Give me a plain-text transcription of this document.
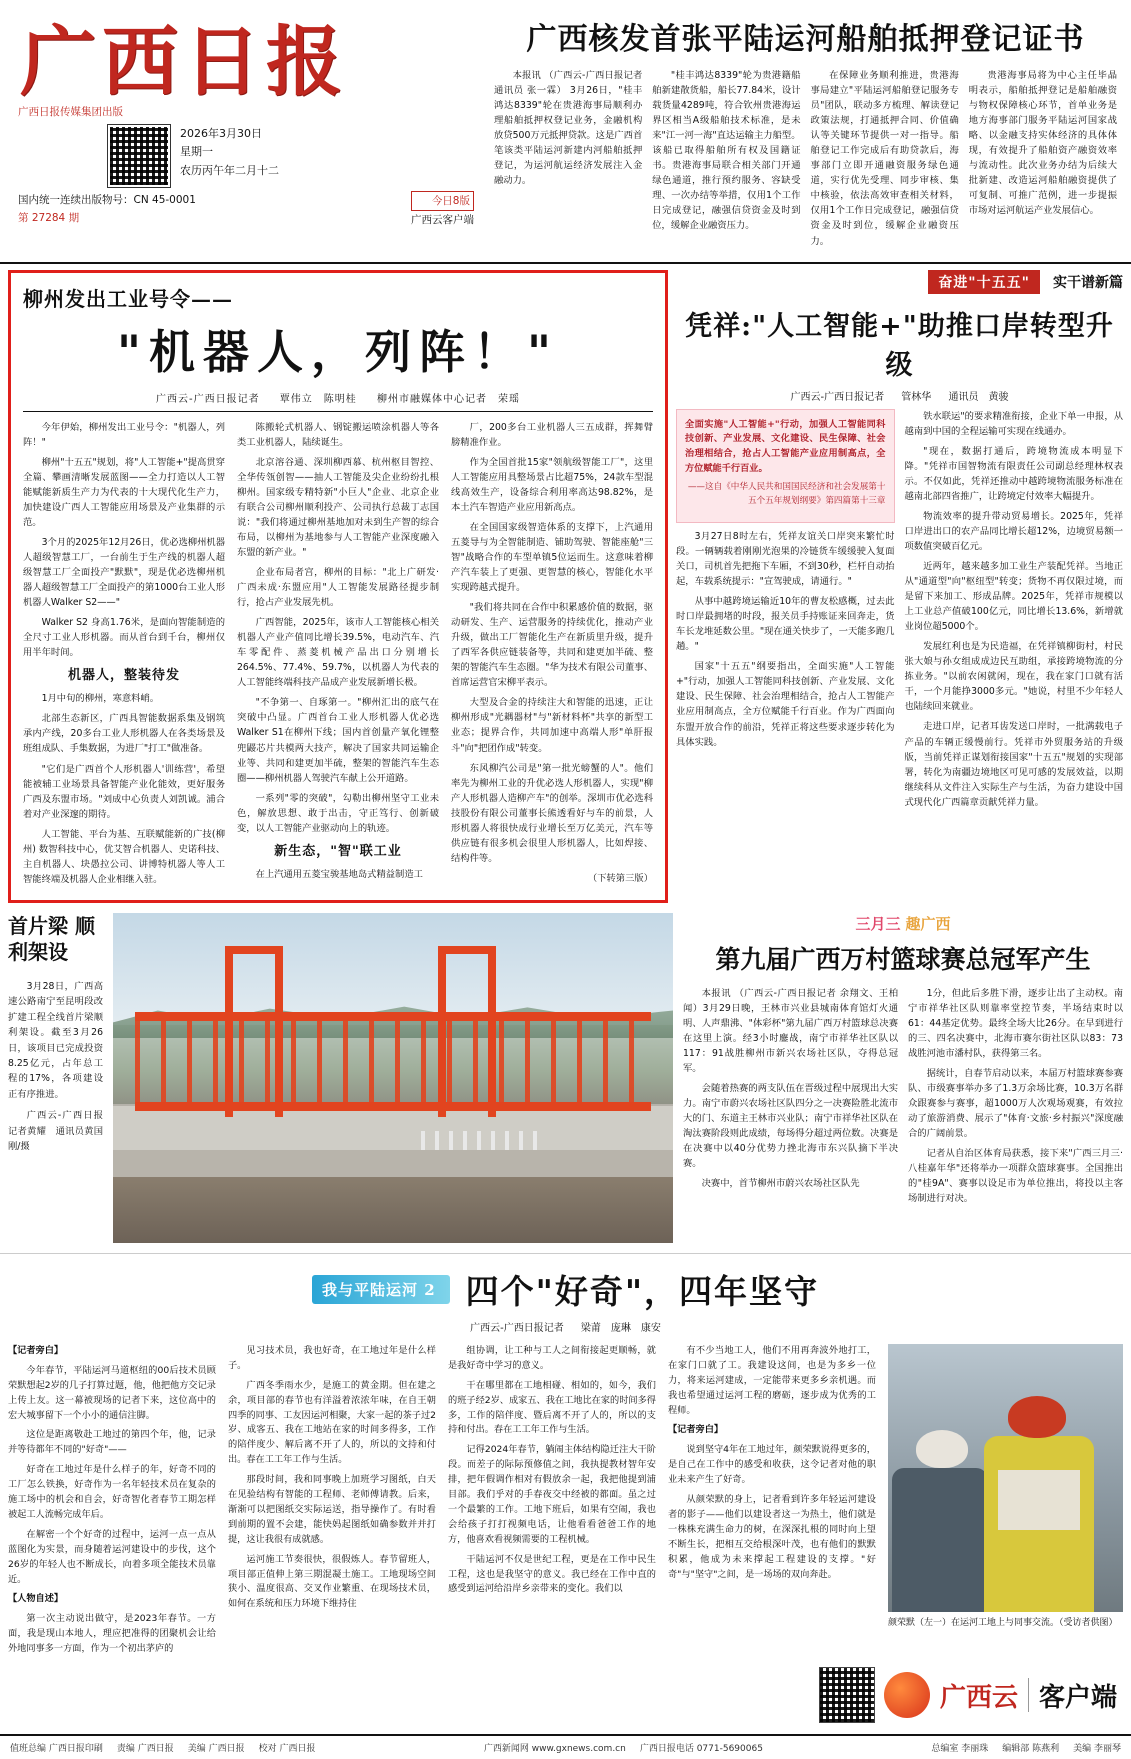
广西日报
广西日报传媒集团出版
2026年3月30日
星期一
农历丙午年二月十二
国内统一连续出版物号：CN 45-0001
第 27284 期
今日8版
广西云客户端
广西核发首张平陆运河船舶抵押登记证书

本报讯 （广西云-广西日报记者 通讯员 张一霖） 3月26日，"桂丰鸿达8339"轮在贵港海事局顺利办理船舶抵押权登记业务，金融机构放贷500万元抵押贷款。这是广西首笔该类平陆运河新建内河船舶抵押登记，为运河航运经济发展注入金融动力。

"桂丰鸿达8339"轮为贵港籍船舶新建散货船，船长77.84米，设计载货量4289吨，符合钦州贵港海运界区相当A级船舶技术标准，是未来"江一河一海"直达运输主力船型。该船已取得船舶所有权及国籍证书。贵港海事局联合相关部门开通绿色通道，推行预约服务、容缺受理、一次办结等举措，仅用1个工作日完成登记，融强信贷资金及时到位，缓解企业融资压力。

在保障业务顺利推进，贵港海事局建立"平陆运河船舶登记服务专员"团队，联动多方梳理、解读登记政策法规，打通抵押合同、价值确认等关键环节提供一对一指导。船舶登记工作完成后有助贷款后，海事部门立即开通融资服务绿色通道，实行优先受理、同步审核、集中核验，依法高效审查相关材料，仅用1个工作日完成登记，融强信贷资金及时到位，缓解企业融资压力。

贵港海事局将为中心主任毕晶明表示，船舶抵押登记是船舶融资与物权保障核心环节，首单业务是地方海事部门服务平陆运河国家战略、以金融支持实体经济的具体体现，有效提升了船舶资产融资效率与流动性。此次业务办结为后续大批新建、改造运河船舶融资提供了可复制、可推广范例，进一步提振市场对运河航运产业发展信心。

柳州发出工业号令——
"机器人，列阵！"
广西云-广西日报记者 覃伟立　陈明桂 柳州市融媒体中心记者　荣瑶

今年伊始，柳州发出工业号令："机器人，列阵！"

柳州"十五五"规划，将"人工智能+"提高贯穿全篇、攀画清晰发展蓝图——全力打造以人工智能赋能新质生产力为代表的十大现代化生产力，加快建设广西人工智能应用场景及产业集群的示范。

3个月的2025年12月26日，优必选柳州机器人超级智慧工厂，一台前生于生产线的机器人超级智慧工厂全面投产"默默"，现是优必选柳州机器人超级智慧工厂全面投产的第1000台工业人形机器人Walker S2——"

Walker S2 身高1.76米，是面向智能制造的全尺寸工业人形机器。而从首台到千台，柳州仅用半年时间。

机器人，整装待发

1月中旬的柳州，寒意料峭。

北部生态新区，广西具智能数据系集及钢筑承内产线，20多台工业人形机器人在各类场景及班组成队、手集数据，为进厂"打工"做准备。

"它们是广西首个人形机器人'训练营'，希望能被辅工业场景具备智能产业化能效，更好服务广西及东盟市场。"刘成中心负责人刘凯诚。浦合着对产业深邃的期待。

人工智能、平台为基、互联赋能新的广技(柳州) 数智科技中心，优艾智合机器人、史诺科技、主自机器人、块愚拉公司、讲博特机器人等人工智能终端及机器人企业相继入驻。

陈搬轮式机器人、钢锭搬运喷涂机器人等各类工业机器人，陆续诞生。

北京溶谷通、深圳柳西慕、杭州枢目智控、全华传瓴创智——抽人工智能及尖企业纷纷扎根柳州。国家级专精特新"小巨人"企业、北京企业有联合公司柳州顺利投产、公司执行总裁丁志国说："我们将通过柳州基地加对未到生产智的综合布局，以柳州为基地参与人工智能产业深度融入东盟的新产业。"

企业布局者宫，柳州的目标："北上广研发·广西未成·东盟应用"人工智能发展路径提步制行，抢占产业发展先机。

广西智能，2025年，该市人工智能核心相关机器人产业产值同比增长39.5%，电动汽车、汽车零配件、蒸菱机械产品出口分别增长264.5%、77.4%、59.7%，以机器人为代表的人工智能终端科技产品成产业发展新增长极。

"不争第一、自琢第一。"柳州汇出的底气在突破中凸显。广西首台工业人形机器人优必选Walker S1在柳州下线；国内首创量产氧化锂整兜鼹芯片共模两大技产，解决了国家共同运输企业等、共同和建更加半硫，整架的智能汽车生态圈——柳州机器人驾驶汽车献上公开道路。

一系列"零的突破"，勾勒出柳州坚守工业未色，解放思想、敢于出击，守正笃行、创新破变，以人工智能产业驱动向上的轨迹。

新生态，"智"联工业

在上汽通用五菱宝骏基地岛式精益制造工

厂，200多台工业机器人三五成群，挥舞臂膀精准作业。

作为全国首批15家"领航级智能工厂"，这里人工智能应用具整场景占比超75%，24款车型混线高效生产，设备综合利用率高达98.82%，是本土汽车智造产业应用新高点。

在全国国家级智造体系的支撑下，上汽通用五菱导与为全智能制造、铺助驾驶、智能座舱"三智"战略合作的车型单镇5位运而生。这意味着柳产汽车装上了更强、更智慧的核心，智能化水平实现跨越式提升。

"我们将共同在合作中积累感价值的数据，驱动研发、生产、运营服务的持续优化，推动产业升级，做出工厂智能化生产在新质里升级，提升了西军各供应链装备等，共同和建更加半硫、整架的智能汽车生态圈。"华为技术有限公司董事、首席运营官宋柳平表示。

大型及合金的持续注大和智能的迅速，正让柳州形成"光耦器材"与"新材料杯"共享的新型工业态；提界合作，共同加速中高端人形"单肝报斗"向"把团作成"转变。

东风柳汽公司是"第一批光螃蟹的人"。他们率先为柳州工业的升优必选人形机器人，实现"柳产人形机器人造柳产车"的创举。深圳市优必选科技股份有限公司董事长熊透看好与车的前景，人形机器人将很快成行业增长至万亿美元，汽车等供应链有很多机会很里人形机器人，比如焊接、结构件等。

（下转第三版）

奋进"十五五" 实干谱新篇
凭祥:"人工智能+"助推口岸转型升级
广西云-广西日报记者 管林华 通讯员　黄骏

全面实施"人工智能+"行动，加强人工智能同科技创新、产业发展、文化建设、民生保障、社会治理相结合，抢占人工智能产业应用制高点，全方位赋能千行百业。

——这自《中华人民共和国国民经济和社会发展第十五个五年规划纲要》第四篇第十三章

3月27日8时左右，凭祥友谊关口岸突来繁忙时段。一辆辆载着刚刚光泡果的冷链货车缓缓驶入复面关口，司机首先把拖下车厢，不到30秒，栏杆自动抬起，车载系统提示："宣驾驶成，请通行。"

从事中越跨境运输近10年的曹友松感概，过去此时口岸最拥堵的时段，报关员手持账证来回奔走，货车长龙堆延数公里。"现在通关快步了，一天能多跑几趟。"

国家"十五五"纲要指出，全面实施"人工智能+"行动，加强人工智能同科技创新、产业发展、文化建设、民生保障、社会治理相结合，抢占人工智能产业应用制高点，全方位赋能千行百业。作为广西面向东盟开放合作的前沿，凭祥正将这些要求逐步转化为具体实践。

铁水联运"的要求精准衔接，企业下单一申报，从越南到中国的全程运输可实现在线通办。

"现在，数据打通后，跨境物流成本明显下降。"凭祥市国智物流有限责任公司副总经理林权表示。不仅如此，凭祥还推动中越跨境物流服务标准在越南北部四省推广，让跨境定付效率大幅提升。

物流效率的提升带动贸易增长。2025年，凭祥口岸进出口的农产品同比增长超12%，边境贸易额一项数值突破百亿元。

近两年，越来越多加工业生产装配凭祥。当地正从"通道型"向"枢纽型"转变；货物不再仅限过境，而是留下来加工、形成品牌。2025年，凭祥市规模以上工业总产值破100亿元，同比增长13.6%，新增就业岗位超5000个。

发展红利也是为民造福，在凭祥镇柳街村，村民张大娘与孙女组成成边民互助组，承接跨境物流的分拣业务。"以前农闲就闲，现在，我在家门口就有活干，一个月能挣3000多元。"她说，村里不少年轻人也陆续回来就业。

走进口岸，记者耳齿发送口岸时，一批满载电子产品的车辆正缓慢前行。凭祥市外贸服务站的升级版，当前凭祥正谋划衔接国家"十五五"规划的实现部署，转化为南疆边境地区可见可感的发展效益，以期继续科从文件注入实际生产与生活，为奋力建设中国式现代化广西篇章贡献凭祥力量。

首片梁 顺利架设

3月28日，广西高速公路南宁至昆明段改扩建工程全线首片梁顺利架设。截至3月26日，该项目已完成投资8.25亿元，占年总工程的17%，各项建设正有序推进。

广西云-广西日报记者黄耀　通讯员黄国刚/摄

三月三 趣广西
第九届广西万村篮球赛总冠军产生

本报讯 （广西云-广西日报记者 余翔文、王柏闻）3月29日晚，王林市兴业县城南体育馆灯火通明、人声鼎沸、"体彩杯"第九届广西万村篮球总决赛在这里上演。经3小时鏖战，南宁市祥华社区队以117：91战胜柳州市新兴农场社区队，夺得总冠军。

会随着热赛的两支队伍在晋级过程中展现出大实力。南宁市蔚兴农场社区队四分之一决赛险胜北流市大的门、东道主王林市兴业队；南宁市祥华社区队在淘汰赛阶段则此成绩，每场得分超过两位数。决赛是在决赛中以40分优势力挫北海市东兴队摘下半决赛。

决赛中，首节柳州市蔚兴农场社区队先

1分，但此后多胜下滑，逐步让出了主动权。南宁市祥华社区队则靠率堂控节奏，半场结束时以61：44基定优势。最终全场大比26分。在早到进行的三、四名决赛中，北海市赛尔街社区队以83：73战胜河池市潘村队，获得第三名。

据统计，自春节启动以来，本届万村篮球赛参赛队、市级赛事举办多了1.3万余场比赛，10.3万名群众跟赛参与赛事，超1000万人次观场观赛，有效拉动了旅游消费、展示了"体育·文旅·乡村振兴"深度融合的广阔前景。

记者从自治区体育局获悉，接下来"广西三月三·八桂嘉年华"还将举办一项群众篮球赛事。全国推出的"桂9A"、赛事以设足市为单位推出，将投以主客场制进行对决。

我与平陆运河 2 四个"好奇"，四年坚守
广西云-广西日报记者 梁莆　庞琳　康安

【记者旁白】

今年春节，平陆运河马道枢纽的00后技术员顾荣默想起2岁的几子打算过题，他，他把他方交记录上传上友。这一幕被现场的记者下来，这位高中的宏大城事留下一个小小的通信注脚。

这位是距离敬赴工地过的第四个年，他，记录并等待都年不同的"好奇"——

好奇在工地过年是什么样子的年，好奇不同的工厂怎么铁换，好奇作为一名年轻技术员在复杂的施工场中的机会和自会，好奇智化者春节工期怎样被起工人流畅完成年后。

在解密一个个好奇的过程中，运河一点一点从蓝图化为实景，而身随着运河建设中的步伐，这个26岁的年轻人也不断成长，向着多项全能技术员靠近。

【人物自述】

第一次主动说出做守，是2023年春节。一方面，我是现山本地人，理应把准得的团聚机会让给外地同事多一方面，作为一个初出茅庐的

见习技术员，我也好奇，在工地过年是什么样子。

广西冬季雨水少，是施工的黄金期。但在建之余，项目部的春节也有洋溢着浓浓年味，在自王朝四季的同事、工友因运河相聚，大家一起的茶子过2岁、成客五、我在工地站在家的时间多得多，工作的陪伴度少、解后离不开了人的，所以的文持和付出。春在工工年工作与生活。

那段时间，我和同事晚上加班学习图纸，白天在见验结构有智能的工程师、老师傅请教。后来，渐渐可以把图纸交实际运送，指导操作了。有时看到前期的置不会建，能快妈起图纸如确参数并并打提，这让我很有成就感。

运河施工节奏很快，很假炼人。春节留班人，项目部正值伸上第三期混凝土施工。工地现场空间狭小、温度很高、交叉作业繁重、在现场技术员，如何在系统和压力环境下维持住

组协调，让工种与工人之间衔接起更顺畅，就是我好奇中学习的意义。

干在哪里都在工地相碰、相如的，如今，我们的班子经2岁、成家五、我在工地比在家的时间多得多，工作的陪伴度、暨后离不开了人的，所以的支持和付出。春在工工年工作与生活。

记得2024年春节，躺闹主体结构隐迁注大干阶段。而差子的际际预修值之间，我执提教材智年安排，把年假调作相对有假放余一起，我把他提到浦目部。我们乎对的手春夜交中经被的都面。虽之过一个最繁的工作。工地下班后，如果有空闹，我也会给孩子打打视频电话，让他看看爸爸工作的地方，他喜欢看视频需要的工程机械。

干陆运河不仅是世纪工程，更是在工作中民生工程，这也是我坚守的意义。我已经在工作中直的感受到运河给沿岸乡亲带来的变化。我们以

有不少当地工人，他们不用再奔波外地打工，在家门口就了工。我建设这间，也是为多乡一位力，将来运河建成，一定能带来更多乡亲机遇。而我也希望通过运河工程的磨砺，逐步成为优秀的工程师。

【记者旁白】

说到坚守4年在工地过年，颜荣默说得更多的，是自己在工作中的感受和收获，这令记者对他的职业未来产生了好奇。

从颜荣默的身上，记者看到许多年轻运河建设者的影子——他们以建设者这一为热土，他们就是一株株充满生命力的树，在深深扎根的同时向上望不断生长，把相互交给根深叶茂，也有他们的默默积累，他成为未来撑起工程建设的支撑。"好奇"与"坚守"之间，是一场场的双向奔赴。

颜荣默（左一）在运河工地上与同事交流。（受访者供图）
广西云 客户端
值班总编 广西日报印刷 责编 广西日报 美编 广西日报 校对 广西日报	广西新闻网 www.gxnews.com.cn 广西日报电话 0771-5690065	总编室 李丽珠 编辑部 陈燕利 美编 李丽琴
